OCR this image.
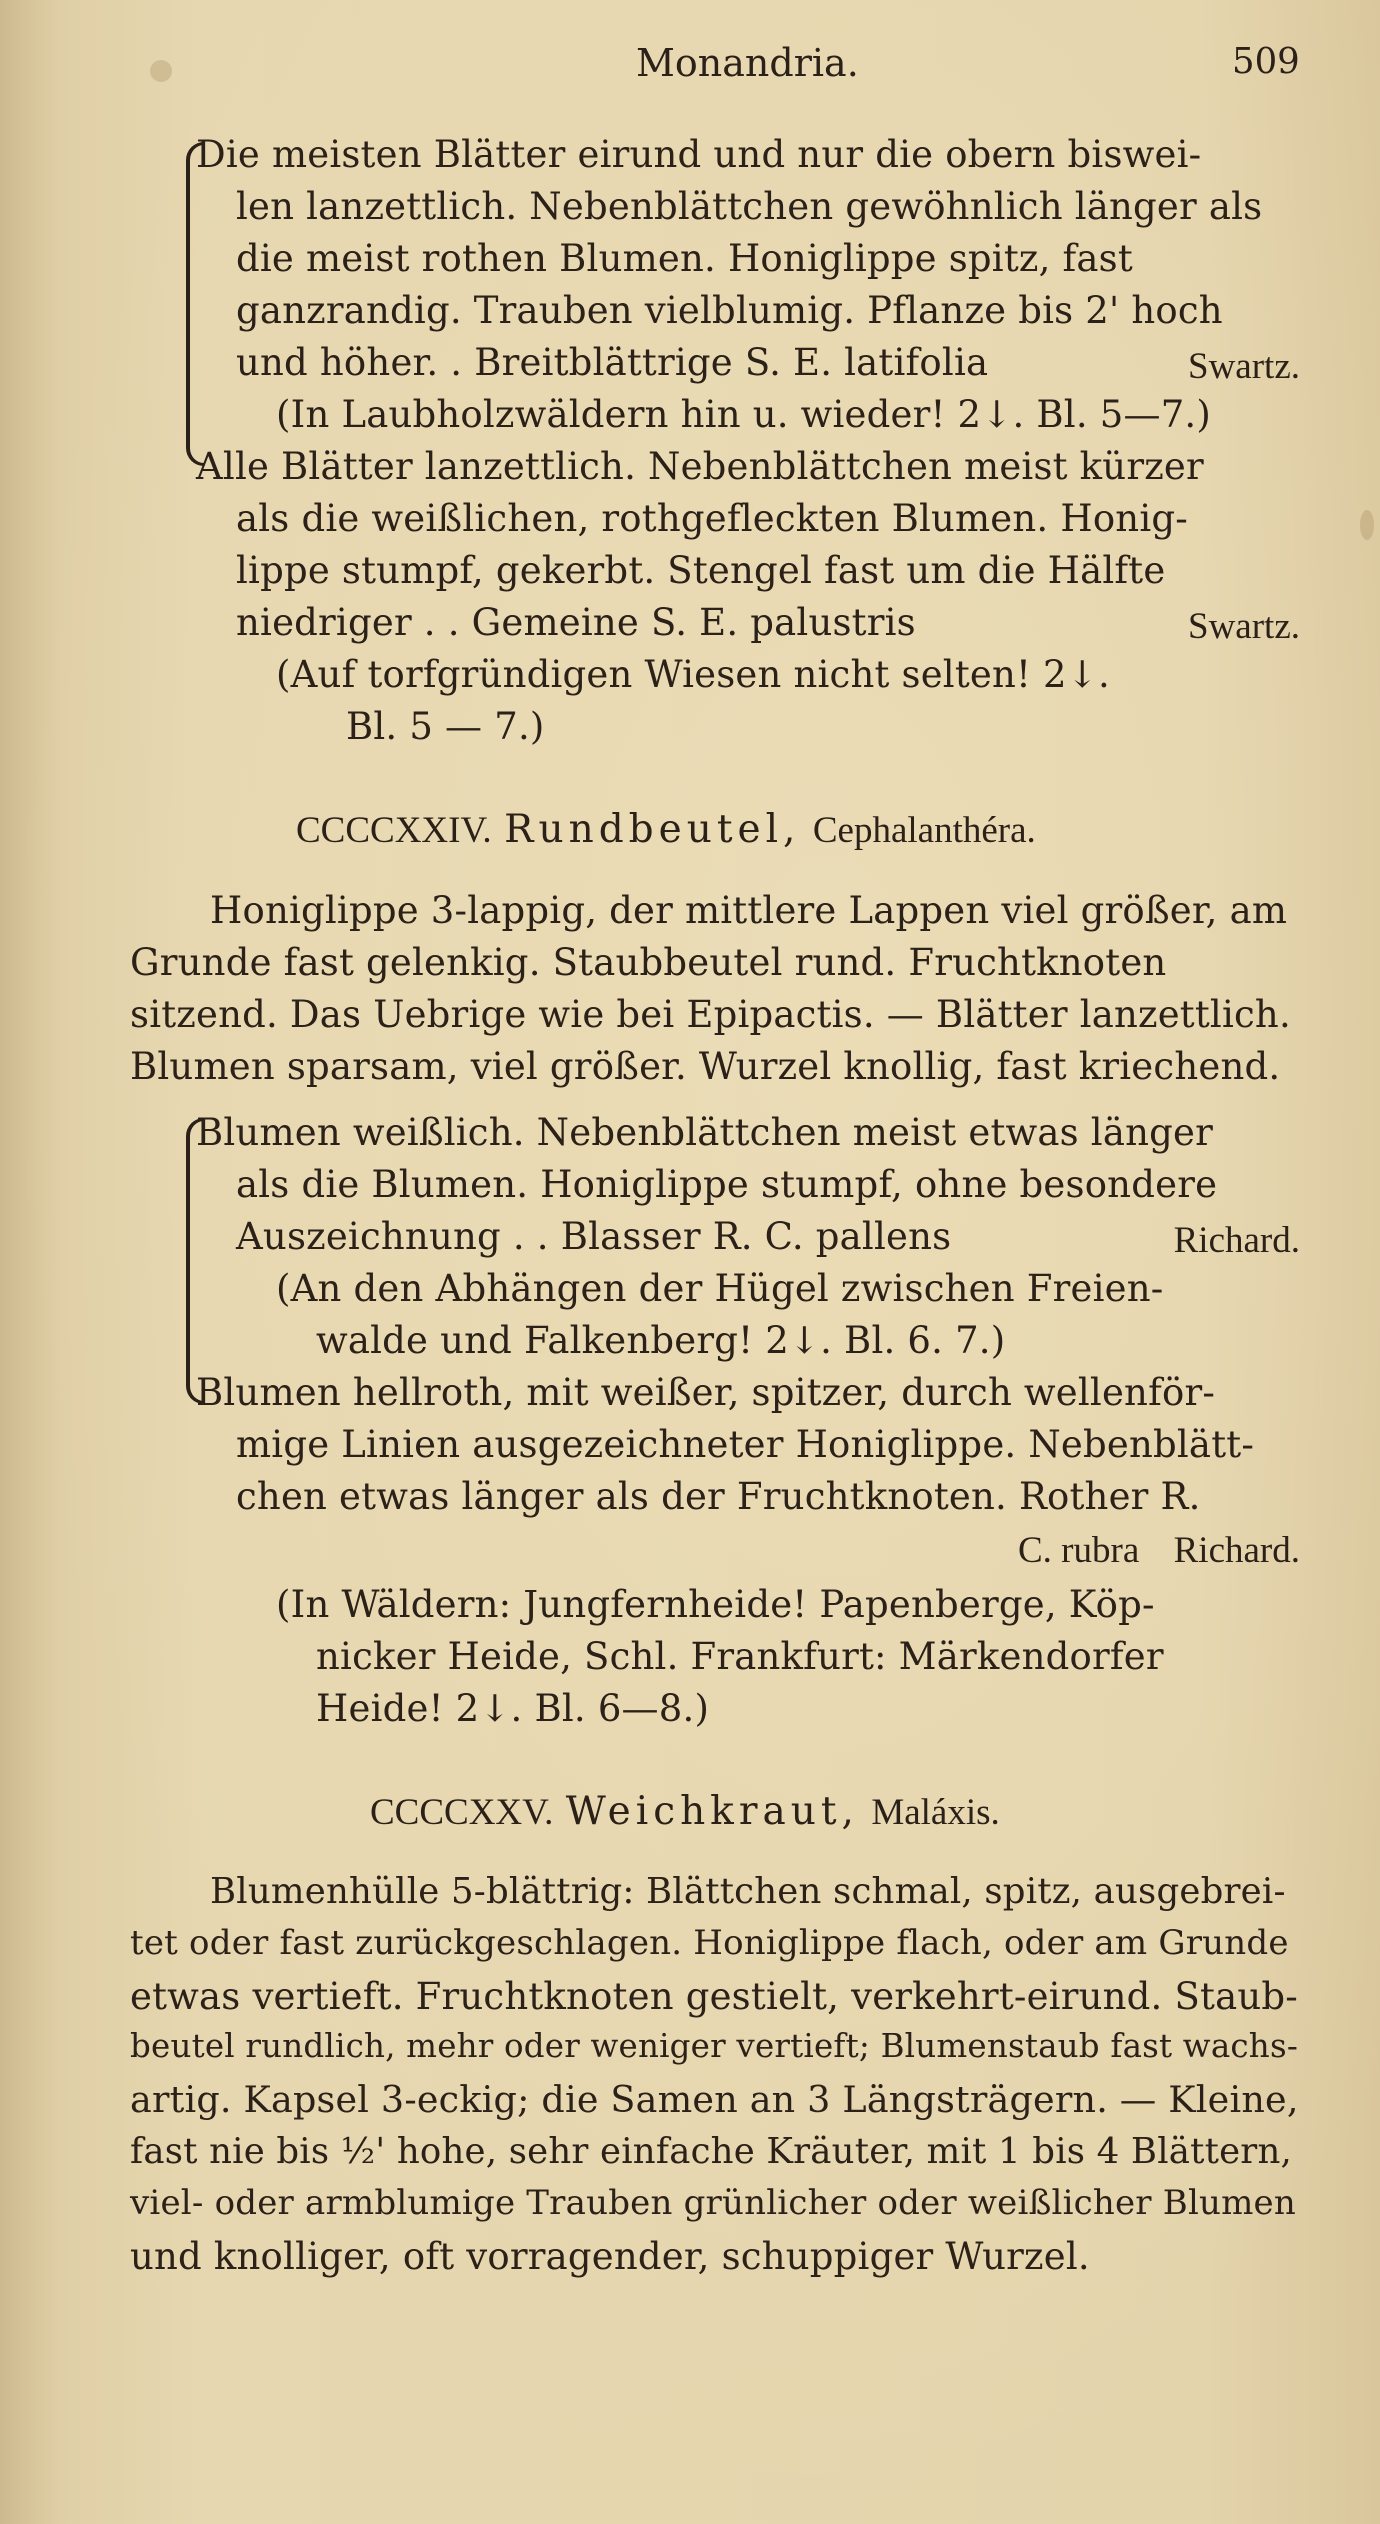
Monandria.	509
Die meisten Blätter eirund und nur die obern biswei-
len lanzettlich. Nebenblättchen gewöhnlich länger als
die meist rothen Blumen. Honiglippe spitz, fast
ganzrandig. Trauben vielblumig. Pflanze bis 2' hoch
und höher. . Breitblättrige S. E. latifolia	Swartz.
(In Laubholzwäldern hin u. wieder! 2↓. Bl. 5—7.)
Alle Blätter lanzettlich. Nebenblättchen meist kürzer
als die weißlichen, rothgefleckten Blumen. Honig-
lippe stumpf, gekerbt. Stengel fast um die Hälfte
niedriger . . Gemeine S. E. palustris	Swartz.
(Auf torfgründigen Wiesen nicht selten! 2↓.
Bl. 5 — 7.)
CCCCXXIV. Rundbeutel, Cephalanthéra.
Honiglippe 3-lappig, der mittlere Lappen viel größer, am
Grunde fast gelenkig. Staubbeutel rund. Fruchtknoten
sitzend. Das Uebrige wie bei Epipactis. — Blätter lanzettlich.
Blumen sparsam, viel größer. Wurzel knollig, fast kriechend.
Blumen weißlich. Nebenblättchen meist etwas länger
als die Blumen. Honiglippe stumpf, ohne besondere
Auszeichnung . . Blasser R. C. pallens	Richard.
(An den Abhängen der Hügel zwischen Freien-
walde und Falkenberg! 2↓. Bl. 6. 7.)
Blumen hellroth, mit weißer, spitzer, durch wellenför-
mige Linien ausgezeichneter Honiglippe. Nebenblätt-
chen etwas länger als der Fruchtknoten. Rother R.
C. rubra Richard.
(In Wäldern: Jungfernheide! Papenberge, Köp-
nicker Heide, Schl. Frankfurt: Märkendorfer
Heide! 2↓. Bl. 6—8.)
CCCCXXV. Weichkraut, Maláxis.
Blumenhülle 5-blättrig: Blättchen schmal, spitz, ausgebrei-
tet oder fast zurückgeschlagen. Honiglippe flach, oder am Grunde
etwas vertieft. Fruchtknoten gestielt, verkehrt-eirund. Staub-
beutel rundlich, mehr oder weniger vertieft; Blumenstaub fast wachs-
artig. Kapsel 3-eckig; die Samen an 3 Längsträgern. — Kleine,
fast nie bis ½' hohe, sehr einfache Kräuter, mit 1 bis 4 Blättern,
viel- oder armblumige Trauben grünlicher oder weißlicher Blumen
und knolliger, oft vorragender, schuppiger Wurzel.
